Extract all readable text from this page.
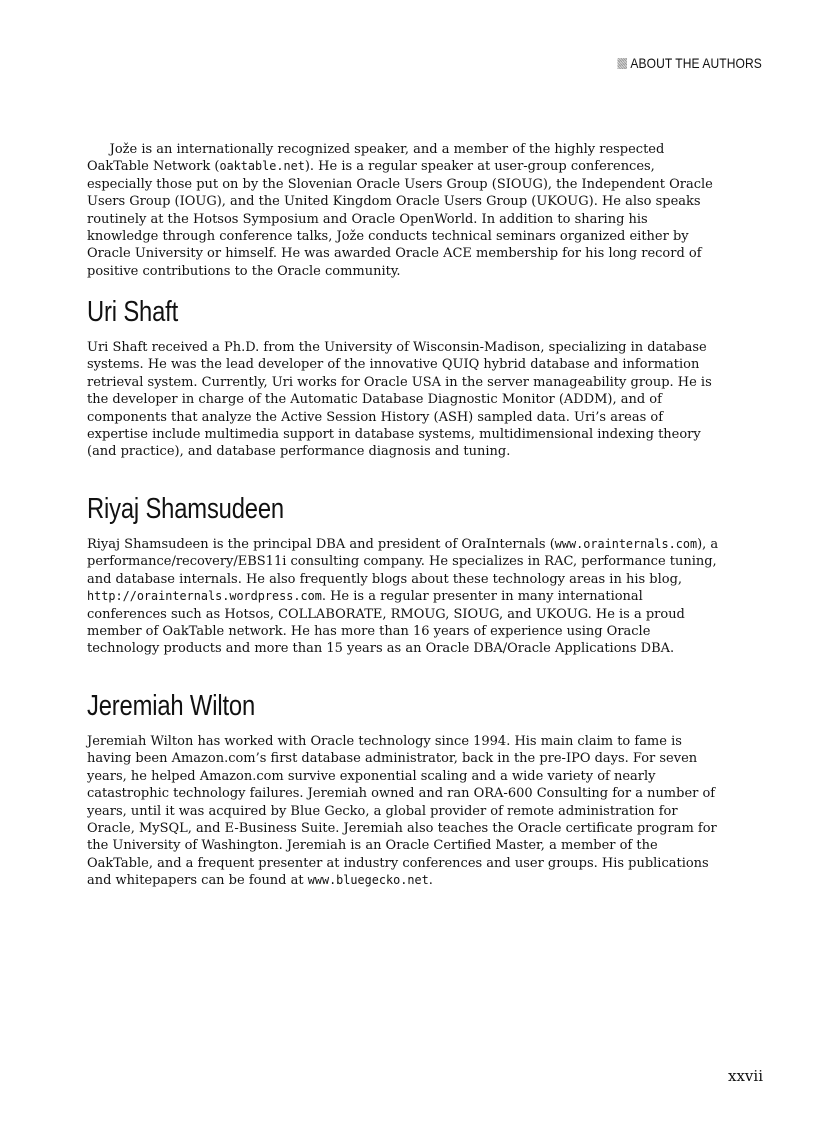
ABOUT THE AUTHORS

Jože is an internationally recognized speaker, and a member of the highly respected OakTable Network (oaktable.net). He is a regular speaker at user-group conferences, especially those put on by the Slovenian Oracle Users Group (SIOUG), the Independent Oracle Users Group (IOUG), and the United Kingdom Oracle Users Group (UKOUG). He also speaks routinely at the Hotsos Symposium and Oracle OpenWorld. In addition to sharing his knowledge through conference talks, Jože conducts technical seminars organized either by Oracle University or himself. He was awarded Oracle ACE membership for his long record of positive contributions to the Oracle community.

Uri Shaft

Uri Shaft received a Ph.D. from the University of Wisconsin-Madison, specializing in database systems. He was the lead developer of the innovative QUIQ hybrid database and information retrieval system. Currently, Uri works for Oracle USA in the server manageability group. He is the developer in charge of the Automatic Database Diagnostic Monitor (ADDM), and of components that analyze the Active Session History (ASH) sampled data. Uri’s areas of expertise include multimedia support in database systems, multidimensional indexing theory (and practice), and database performance diagnosis and tuning.

Riyaj Shamsudeen

Riyaj Shamsudeen is the principal DBA and president of OraInternals (www.orainternals.com), a performance/recovery/EBS11i consulting company. He specializes in RAC, performance tuning, and database internals. He also frequently blogs about these technology areas in his blog, http://orainternals.wordpress.com. He is a regular presenter in many international conferences such as Hotsos, COLLABORATE, RMOUG, SIOUG, and UKOUG. He is a proud member of OakTable network. He has more than 16 years of experience using Oracle technology products and more than 15 years as an Oracle DBA/Oracle Applications DBA.

Jeremiah Wilton

Jeremiah Wilton has worked with Oracle technology since 1994. His main claim to fame is having been Amazon.com’s first database administrator, back in the pre-IPO days. For seven years, he helped Amazon.com survive exponential scaling and a wide variety of nearly catastrophic technology failures. Jeremiah owned and ran ORA-600 Consulting for a number of years, until it was acquired by Blue Gecko, a global provider of remote administration for Oracle, MySQL, and E-Business Suite. Jeremiah also teaches the Oracle certificate program for the University of Washington. Jeremiah is an Oracle Certified Master, a member of the OakTable, and a frequent presenter at industry conferences and user groups. His publications and whitepapers can be found at www.bluegecko.net.

xxvii
